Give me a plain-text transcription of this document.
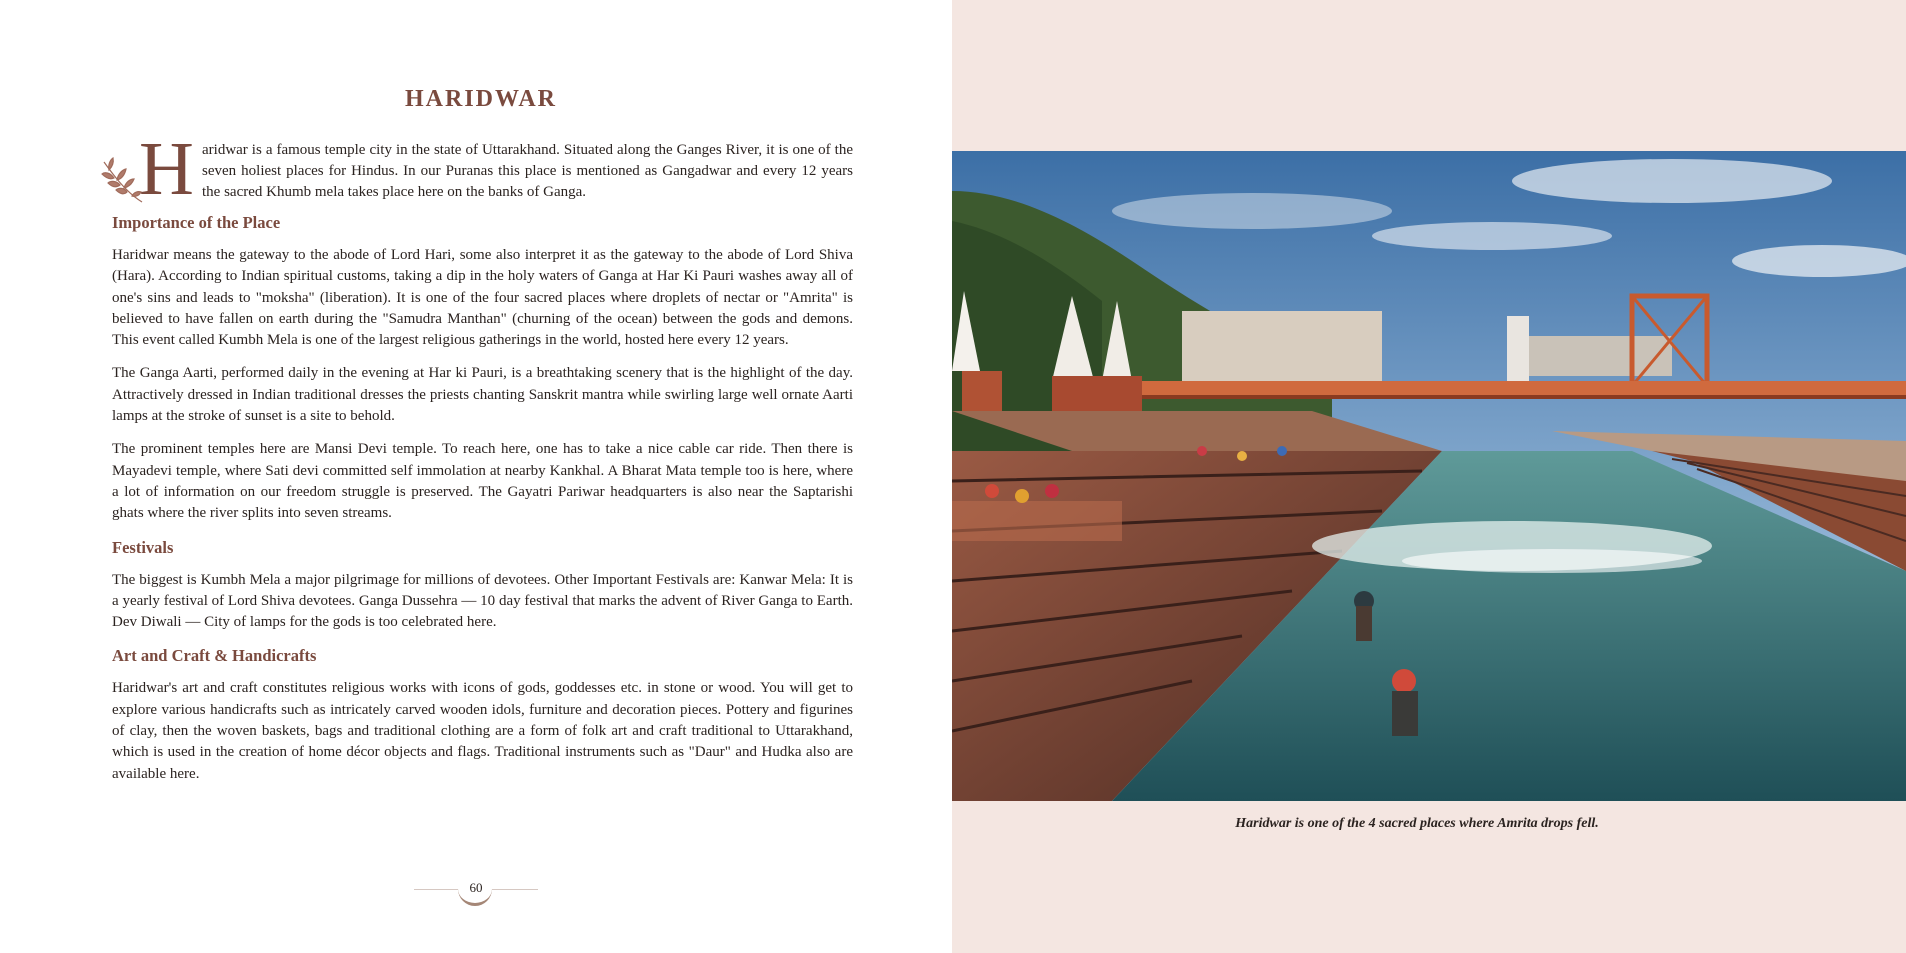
HARIDWAR
H aridwar is a famous temple city in the state of Uttarakhand. Situated along the Ganges River, it is one of the seven holiest places for Hindus. In our Puranas this place is mentioned as Gangadwar and every 12 years the sacred Khumb mela takes place here on the banks of Ganga.

Importance of the Place

Haridwar means the gateway to the abode of Lord Hari, some also interpret it as the gateway to the abode of Lord Shiva (Hara). According to Indian spiritual customs, taking a dip in the holy waters of Ganga at Har Ki Pauri washes away all of one's sins and leads to "moksha" (liberation). It is one of the four sacred places where droplets of nectar or "Amrita" is believed to have fallen on earth during the "Samudra Manthan" (churning of the ocean) between the gods and demons. This event called Kumbh Mela is one of the largest religious gatherings in the world, hosted here every 12 years.

The Ganga Aarti, performed daily in the evening at Har ki Pauri, is a breathtaking scenery that is the highlight of the day. Attractively dressed in Indian traditional dresses the priests chanting Sanskrit mantra while swirling large well ornate Aarti lamps at the stroke of sunset is a site to behold.

The prominent temples here are Mansi Devi temple. To reach here, one has to take a nice cable car ride. Then there is Mayadevi temple, where Sati devi committed self immolation at nearby Kankhal. A Bharat Mata temple too is here, where a lot of information on our freedom struggle is preserved. The Gayatri Pariwar headquarters is also near the Saptarishi ghats where the river splits into seven streams.

Festivals

The biggest is Kumbh Mela a major pilgrimage for millions of devotees. Other Important Festivals are: Kanwar Mela: It is a yearly festival of Lord Shiva devotees. Ganga Dussehra — 10 day festival that marks the advent of River Ganga to Earth. Dev Diwali — City of lamps for the gods is too celebrated here.

Art and Craft & Handicrafts

Haridwar's art and craft constitutes religious works with icons of gods, goddesses etc. in stone or wood. You will get to explore various handicrafts such as intricately carved wooden idols, furniture and decoration pieces. Pottery and figurines of clay, then the woven baskets, bags and traditional clothing are a form of folk art and craft traditional to Uttarakhand, which is used in the creation of home décor objects and flags. Traditional instruments such as "Daur" and Hudka also are available here.

60
Haridwar is one of the 4 sacred places where Amrita drops fell.
